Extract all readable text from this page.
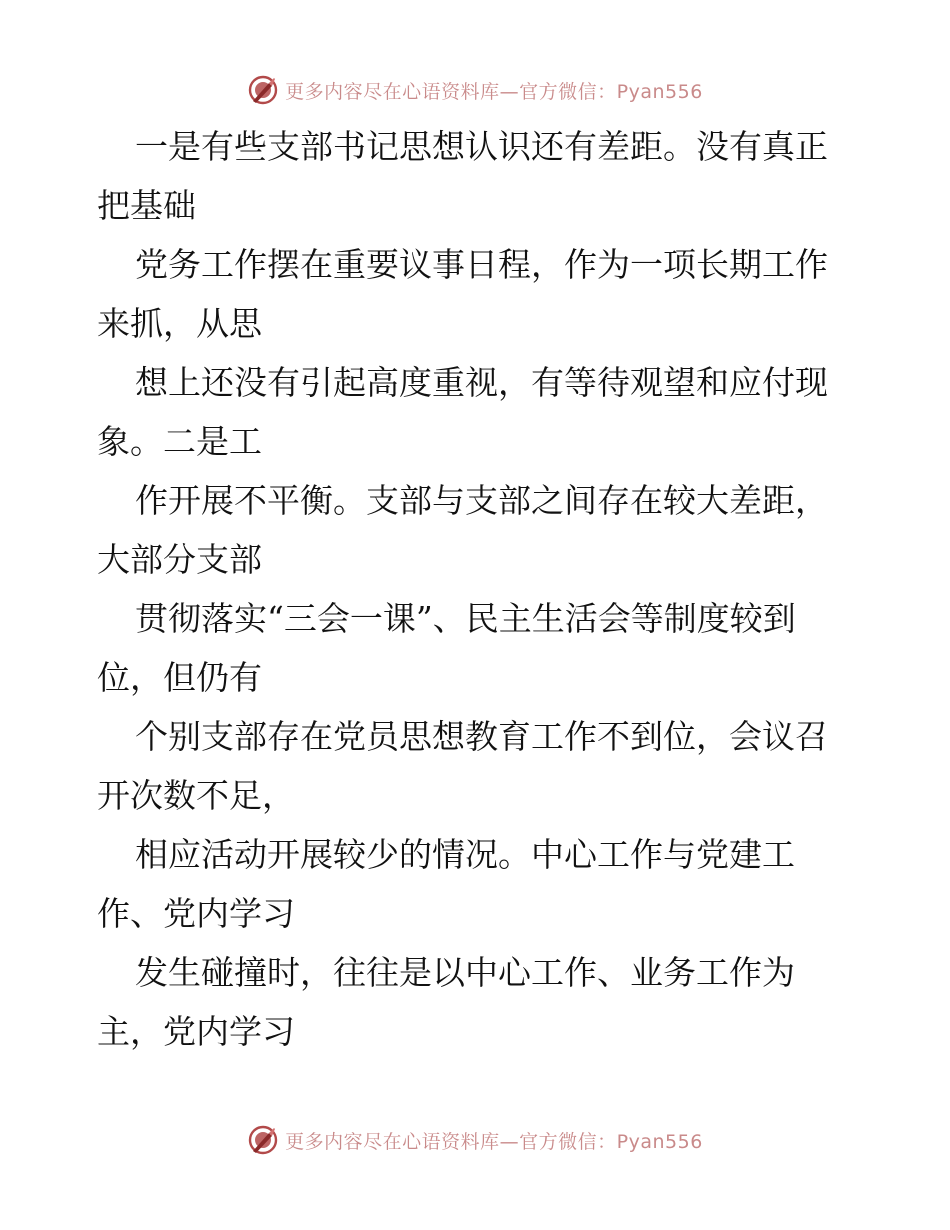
更多内容尽在心语资料库—官方微信：Pyan556

一是有些支部书记思想认识还有差距。没有真正

把基础

党务工作摆在重要议事日程，作为一项长期工作

来抓，从思

想上还没有引起高度重视，有等待观望和应付现

象。二是工

作开展不平衡。支部与支部之间存在较大差距，

大部分支部

贯彻落实“三会一课”、民主生活会等制度较到

位，但仍有

个别支部存在党员思想教育工作不到位，会议召

开次数不足，

相应活动开展较少的情况。中心工作与党建工

作、党内学习

发生碰撞时，往往是以中心工作、业务工作为

主，党内学习

更多内容尽在心语资料库—官方微信：Pyan556
